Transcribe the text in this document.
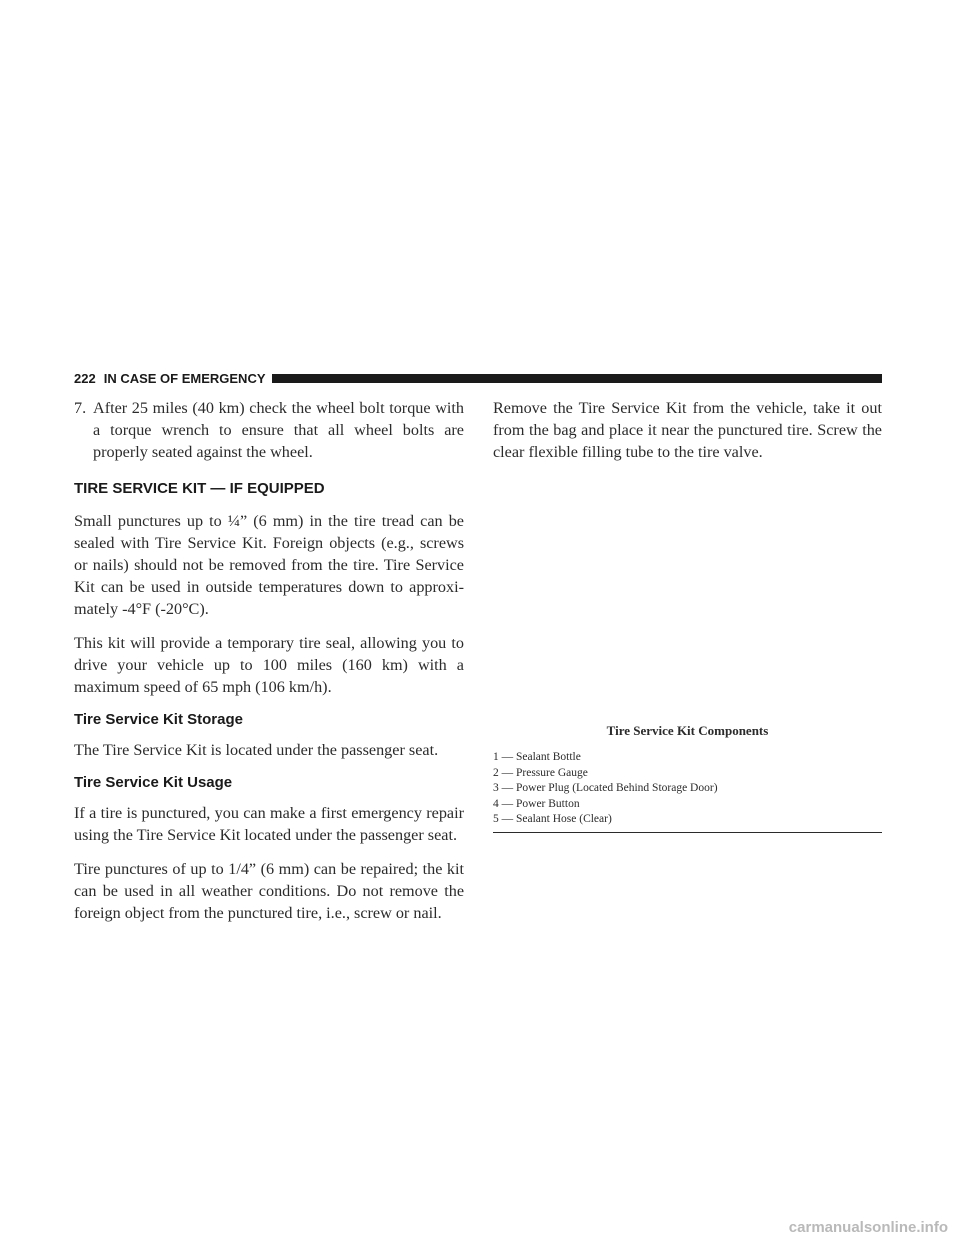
222 IN CASE OF EMERGENCY
7. After 25 miles (40 km) check the wheel bolt torque with a torque wrench to ensure that all wheel bolts are properly seated against the wheel.
TIRE SERVICE KIT — IF EQUIPPED

Small punctures up to ¼” (6 mm) in the tire tread can be sealed with Tire Service Kit. Foreign objects (e.g., screws or nails) should not be removed from the tire. Tire Service Kit can be used in outside temperatures down to approxi-mately -4°F (-20°C).

This kit will provide a temporary tire seal, allowing you to drive your vehicle up to 100 miles (160 km) with a maximum speed of 65 mph (106 km/h).

Tire Service Kit Storage

The Tire Service Kit is located under the passenger seat.

Tire Service Kit Usage

If a tire is punctured, you can make a first emergency repair using the Tire Service Kit located under the passenger seat.

Tire punctures of up to 1/4” (6 mm) can be repaired; the kit can be used in all weather conditions. Do not remove the foreign object from the punctured tire, i.e., screw or nail.

Remove the Tire Service Kit from the vehicle, take it out from the bag and place it near the punctured tire. Screw the clear flexible filling tube to the tire valve.

Tire Service Kit Components
1 — Sealant Bottle
2 — Pressure Gauge
3 — Power Plug (Located Behind Storage Door)
4 — Power Button
5 — Sealant Hose (Clear)
carmanualsonline.info
